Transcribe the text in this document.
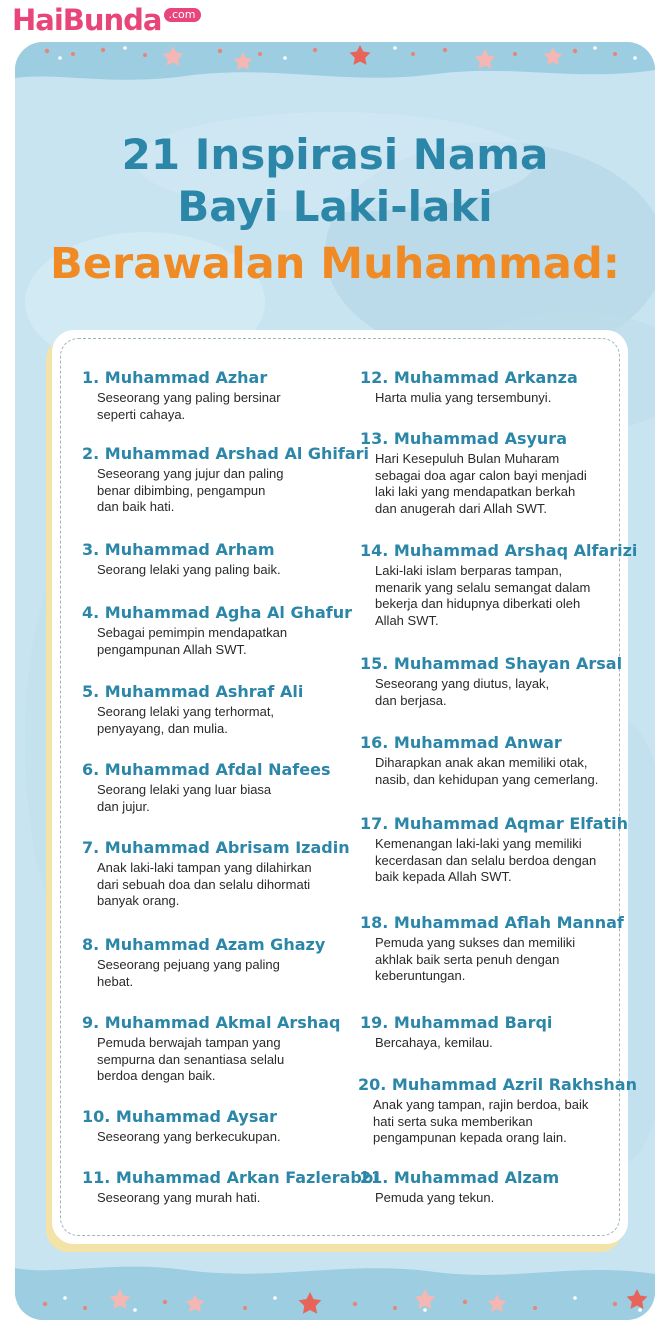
HaiBunda .com
21 Inspirasi Nama
Bayi Laki-laki
Berawalan Muhammad:
1. Muhammad Azhar
Seseorang yang paling bersinar
seperti cahaya.
2. Muhammad Arshad Al Ghifari
Seseorang yang jujur dan paling
benar dibimbing, pengampun
dan baik hati.
3. Muhammad Arham
Seorang lelaki yang paling baik.
4. Muhammad Agha Al Ghafur
Sebagai pemimpin mendapatkan
pengampunan Allah SWT.
5. Muhammad Ashraf Ali
Seorang lelaki yang terhormat,
penyayang, dan mulia.
6. Muhammad Afdal Nafees
Seorang lelaki yang luar biasa
dan jujur.
7. Muhammad Abrisam Izadin
Anak laki-laki tampan yang dilahirkan
dari sebuah doa dan selalu dihormati
banyak orang.
8. Muhammad Azam Ghazy
Seseorang pejuang yang paling
hebat.
9. Muhammad Akmal Arshaq
Pemuda berwajah tampan yang
sempurna dan senantiasa selalu
berdoa dengan baik.
10. Muhammad Aysar
Seseorang yang berkecukupan.
11. Muhammad Arkan Fazlerabbi
Seseorang yang murah hati.
12. Muhammad Arkanza
Harta mulia yang tersembunyi.
13. Muhammad Asyura
Hari Kesepuluh Bulan Muharam
sebagai doa agar calon bayi menjadi
laki laki yang mendapatkan berkah
dan anugerah dari Allah SWT.
14. Muhammad Arshaq Alfarizi
Laki-laki islam berparas tampan,
menarik yang selalu semangat dalam
bekerja dan hidupnya diberkati oleh
Allah SWT.
15. Muhammad Shayan Arsal
Seseorang yang diutus, layak,
dan berjasa.
16. Muhammad Anwar
Diharapkan anak akan memiliki otak,
nasib, dan kehidupan yang cemerlang.
17. Muhammad Aqmar Elfatih
Kemenangan laki-laki yang memiliki
kecerdasan dan selalu berdoa dengan
baik kepada Allah SWT.
18. Muhammad Aflah Mannaf
Pemuda yang sukses dan memiliki
akhlak baik serta penuh dengan
keberuntungan.
19. Muhammad Barqi
Bercahaya, kemilau.
20. Muhammad Azril Rakhshan
Anak yang tampan, rajin berdoa, baik
hati serta suka memberikan
pengampunan kepada orang lain.
21. Muhammad Alzam
Pemuda yang tekun.
